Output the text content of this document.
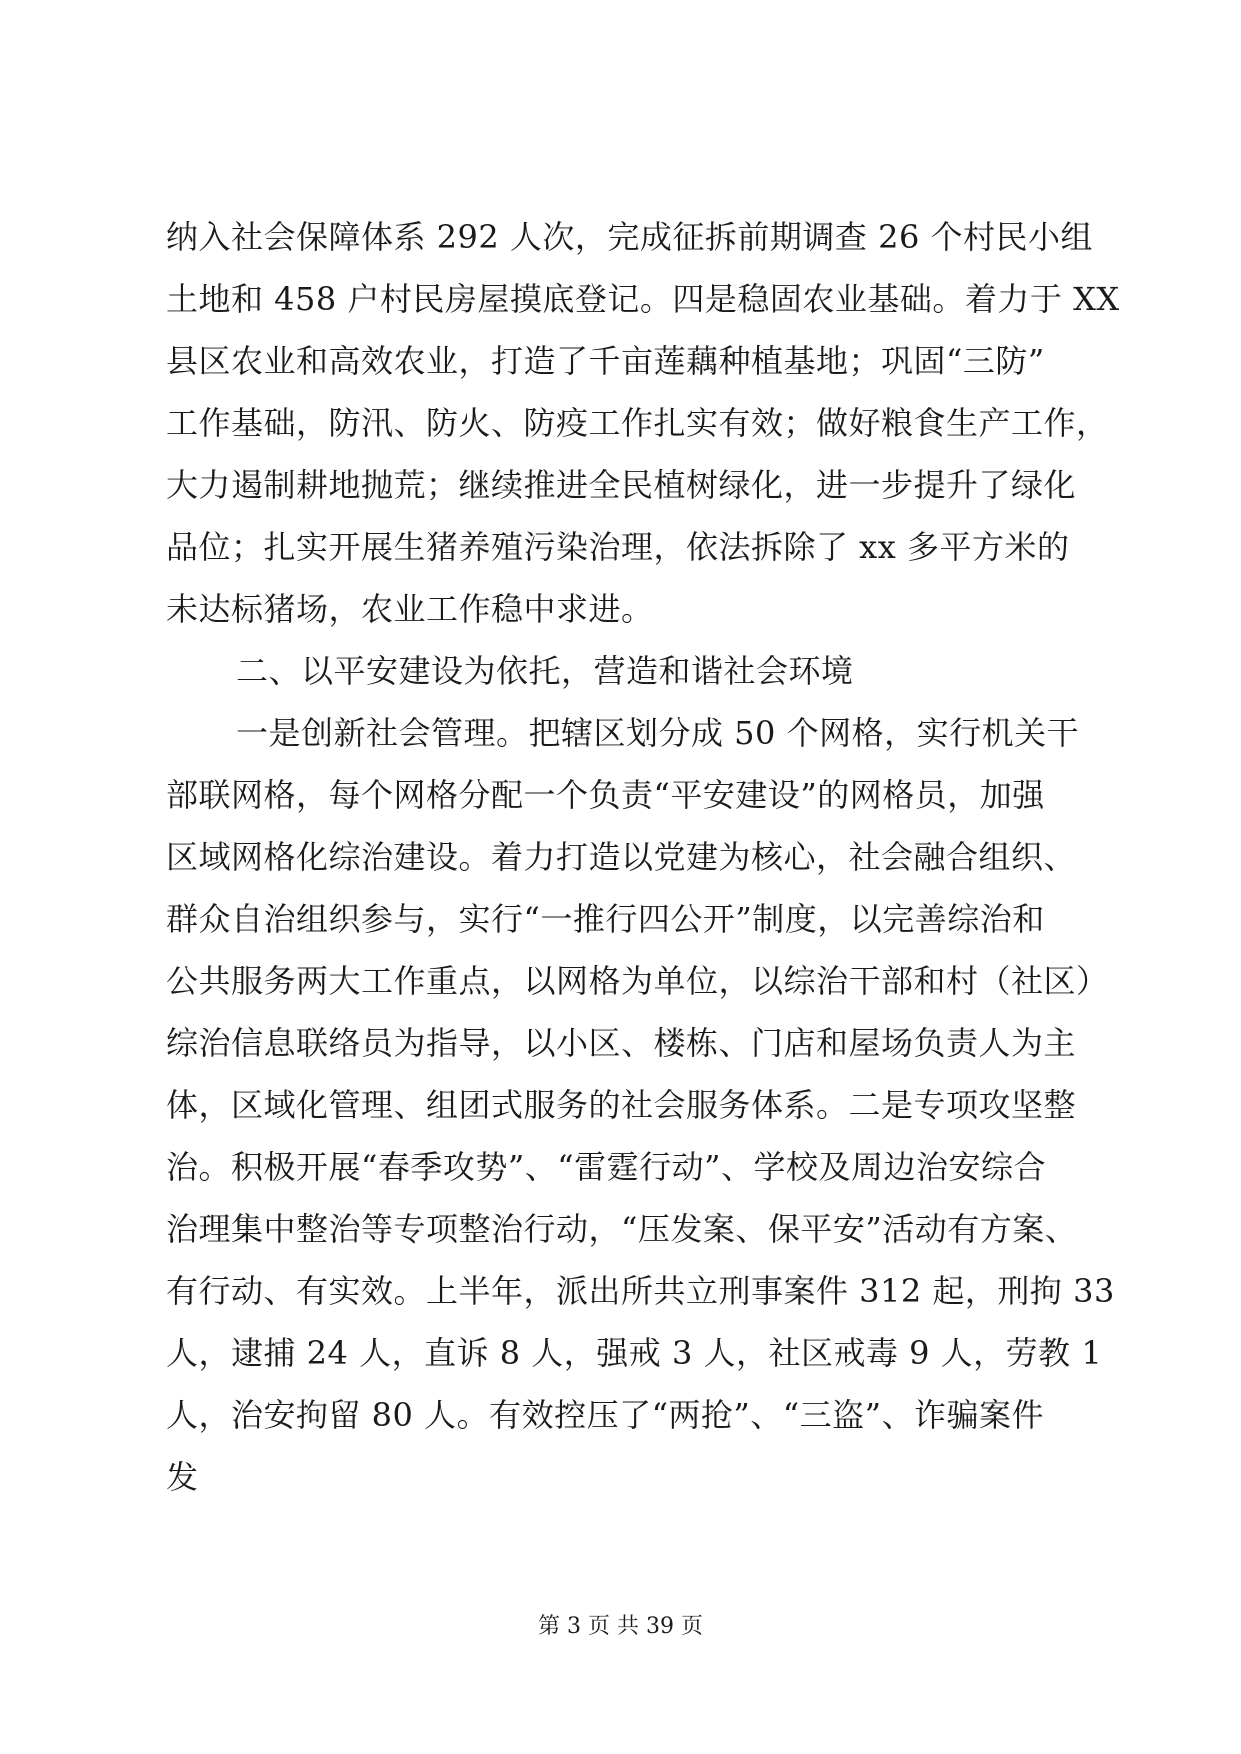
纳入社会保障体系 292 人次，完成征拆前期调查 26 个村民小组
土地和 458 户村民房屋摸底登记。四是稳固农业基础。着力于 XX
县区农业和高效农业，打造了千亩莲藕种植基地；巩固“三防”
工作基础，防汛、防火、防疫工作扎实有效；做好粮食生产工作，
大力遏制耕地抛荒；继续推进全民植树绿化，进一步提升了绿化
品位；扎实开展生猪养殖污染治理，依法拆除了 xx 多平方米的
未达标猪场，农业工作稳中求进。
二、以平安建设为依托，营造和谐社会环境
一是创新社会管理。把辖区划分成 50 个网格，实行机关干
部联网格，每个网格分配一个负责“平安建设”的网格员，加强
区域网格化综治建设。着力打造以党建为核心，社会融合组织、
群众自治组织参与，实行“一推行四公开”制度，以完善综治和
公共服务两大工作重点，以网格为单位，以综治干部和村（社区）
综治信息联络员为指导，以小区、楼栋、门店和屋场负责人为主
体，区域化管理、组团式服务的社会服务体系。二是专项攻坚整
治。积极开展“春季攻势”、“雷霆行动”、学校及周边治安综合
治理集中整治等专项整治行动，“压发案、保平安”活动有方案、
有行动、有实效。上半年，派出所共立刑事案件 312 起，刑拘 33
人，逮捕 24 人，直诉 8 人，强戒 3 人，社区戒毒 9 人，劳教 1
人，治安拘留 80 人。有效控压了“两抢”、“三盗”、诈骗案件
发
第 3 页 共 39 页
